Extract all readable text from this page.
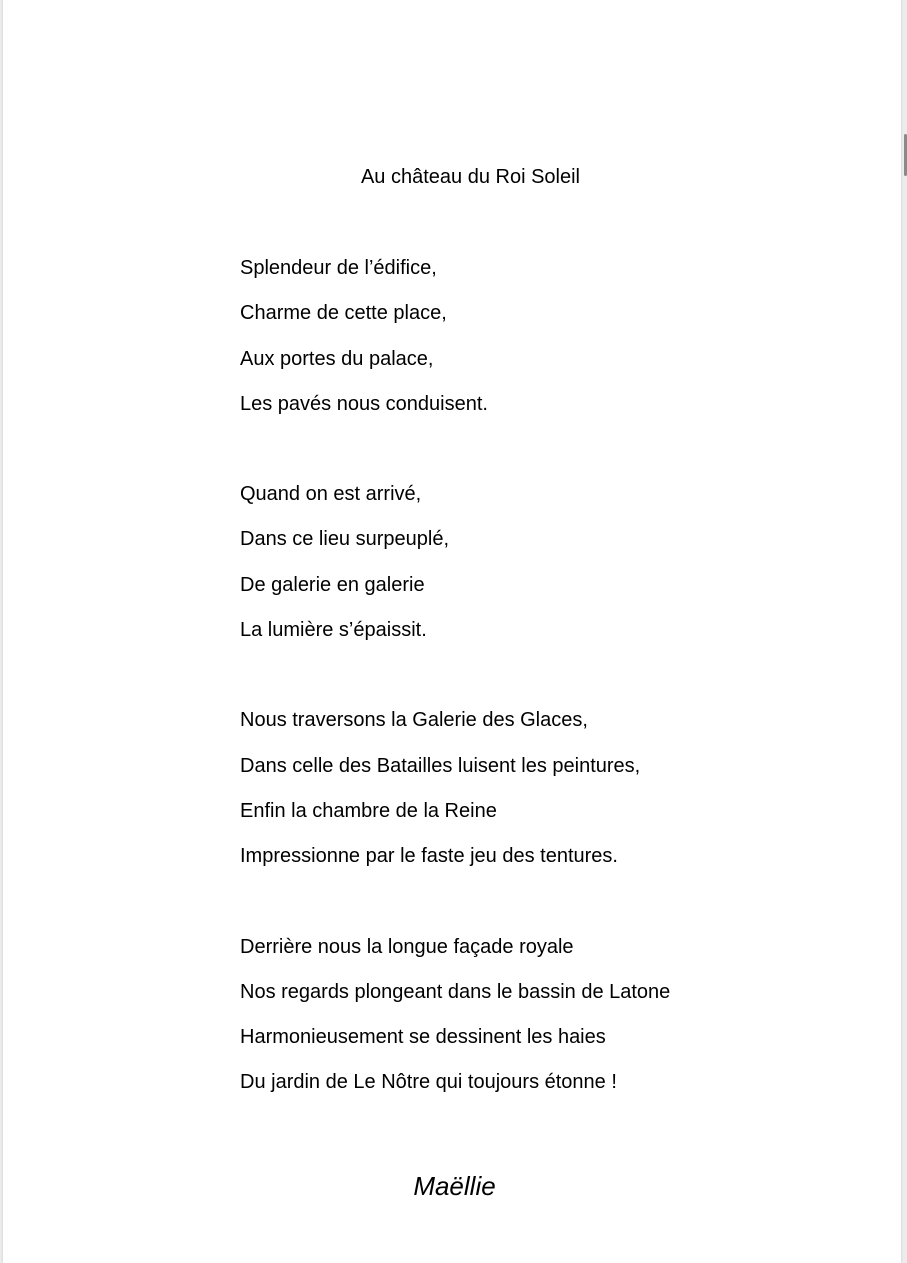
Au château du Roi Soleil
Splendeur de l’édifice,
Charme de cette place,
Aux portes du palace,
Les pavés nous conduisent.
Quand on est arrivé,
Dans ce lieu surpeuplé,
De galerie en galerie
La lumière s’épaissit.
Nous traversons la Galerie des Glaces,
Dans celle des Batailles luisent les peintures,
Enfin la chambre de la Reine
Impressionne par le faste jeu des tentures.
Derrière nous la longue façade royale
Nos regards plongeant dans le bassin de Latone
Harmonieusement se dessinent les haies
Du jardin de Le Nôtre qui toujours étonne !
Maëllie
